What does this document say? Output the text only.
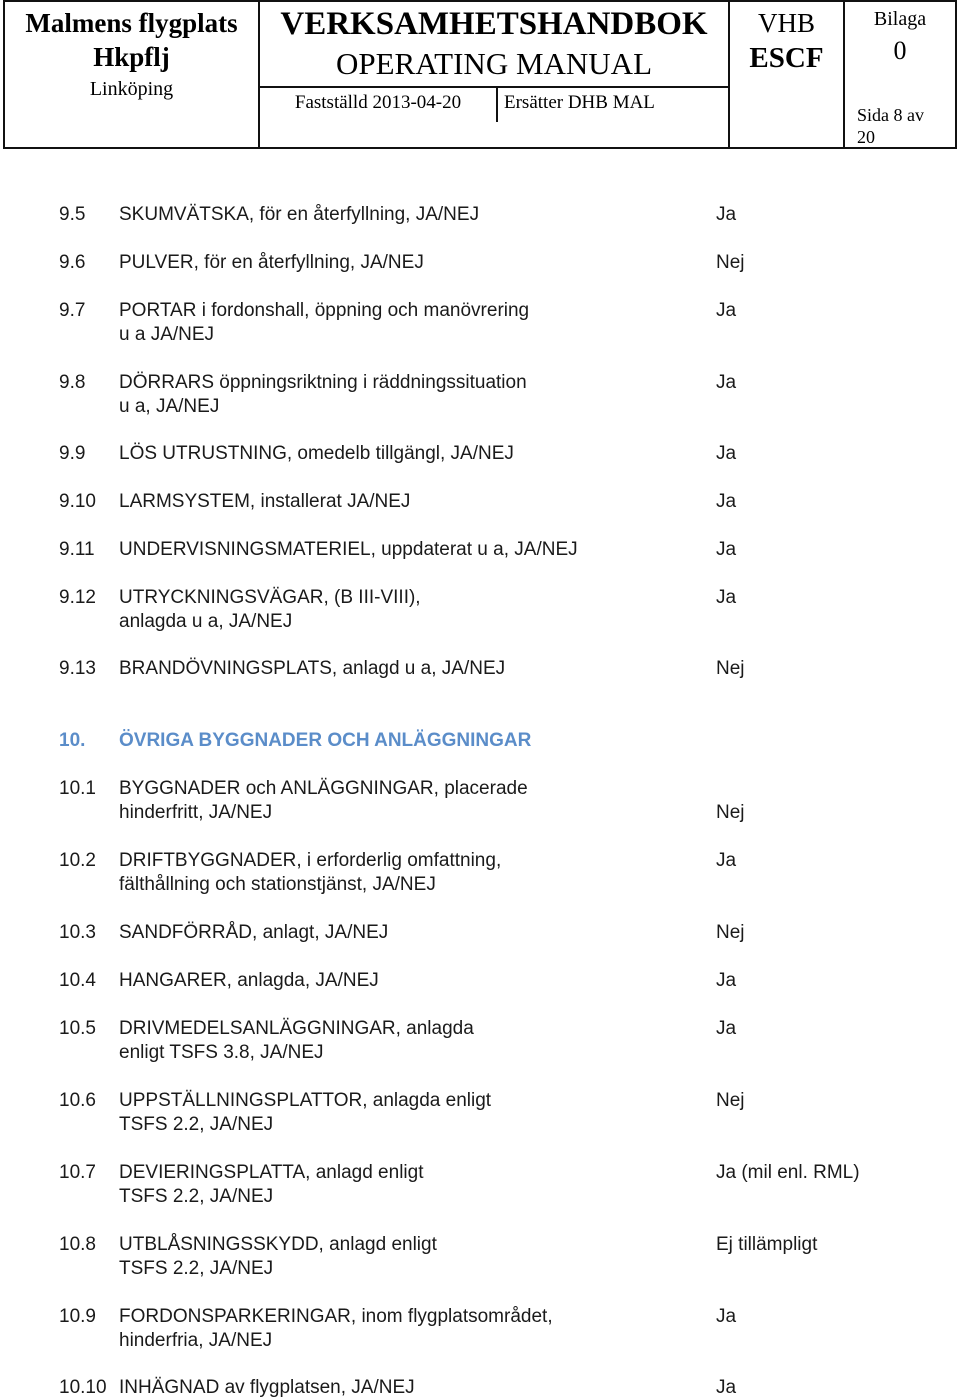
Malmens flygplats
Hkpflj
Linköping
VERKSAMHETSHANDBOK
OPERATING MANUAL
Fastställd 2013-04-20	Ersätter DHB MAL
VHB
ESCF
Bilaga
0
Sida 8 av
20
9.5 SKUMVÄTSKA, för en återfyllning, JA/NEJ	Ja
9.6 PULVER, för en återfyllning, JA/NEJ	Nej
9.7 PORTAR i fordonshall, öppning och manövrering
u a JA/NEJ
Ja
9.8 DÖRRARS öppningsriktning i räddningssituation
u a, JA/NEJ
Ja
9.9 LÖS UTRUSTNING, omedelb tillgängl, JA/NEJ	Ja
9.10 LARMSYSTEM, installerat JA/NEJ	Ja
9.11 UNDERVISNINGSMATERIEL, uppdaterat u a, JA/NEJ	Ja
9.12 UTRYCKNINGSVÄGAR, (B III-VIII),
anlagda u a, JA/NEJ
Ja
9.13 BRANDÖVNINGSPLATS, anlagd u a, JA/NEJ	Nej
10. ÖVRIGA BYGGNADER OCH ANLÄGGNINGAR
10.1 BYGGNADER och ANLÄGGNINGAR, placerade
hinderfritt, JA/NEJ	Nej
10.2 DRIFTBYGGNADER, i erforderlig omfattning,
fälthållning och stationstjänst, JA/NEJ
Ja
10.3 SANDFÖRRÅD, anlagt, JA/NEJ	Nej
10.4 HANGARER, anlagda, JA/NEJ	Ja
10.5 DRIVMEDELSANLÄGGNINGAR, anlagda
enligt TSFS 3.8, JA/NEJ
Ja
10.6 UPPSTÄLLNINGSPLATTOR, anlagda enligt
TSFS 2.2, JA/NEJ
Nej
10.7 DEVIERINGSPLATTA, anlagd enligt
TSFS 2.2, JA/NEJ
Ja (mil enl. RML)
10.8 UTBLÅSNINGSSKYDD, anlagd enligt
TSFS 2.2, JA/NEJ
Ej tillämpligt
10.9 FORDONSPARKERINGAR, inom flygplatsområdet,
hinderfria, JA/NEJ
Ja
10.10 INHÄGNAD av flygplatsen, JA/NEJ	Ja
